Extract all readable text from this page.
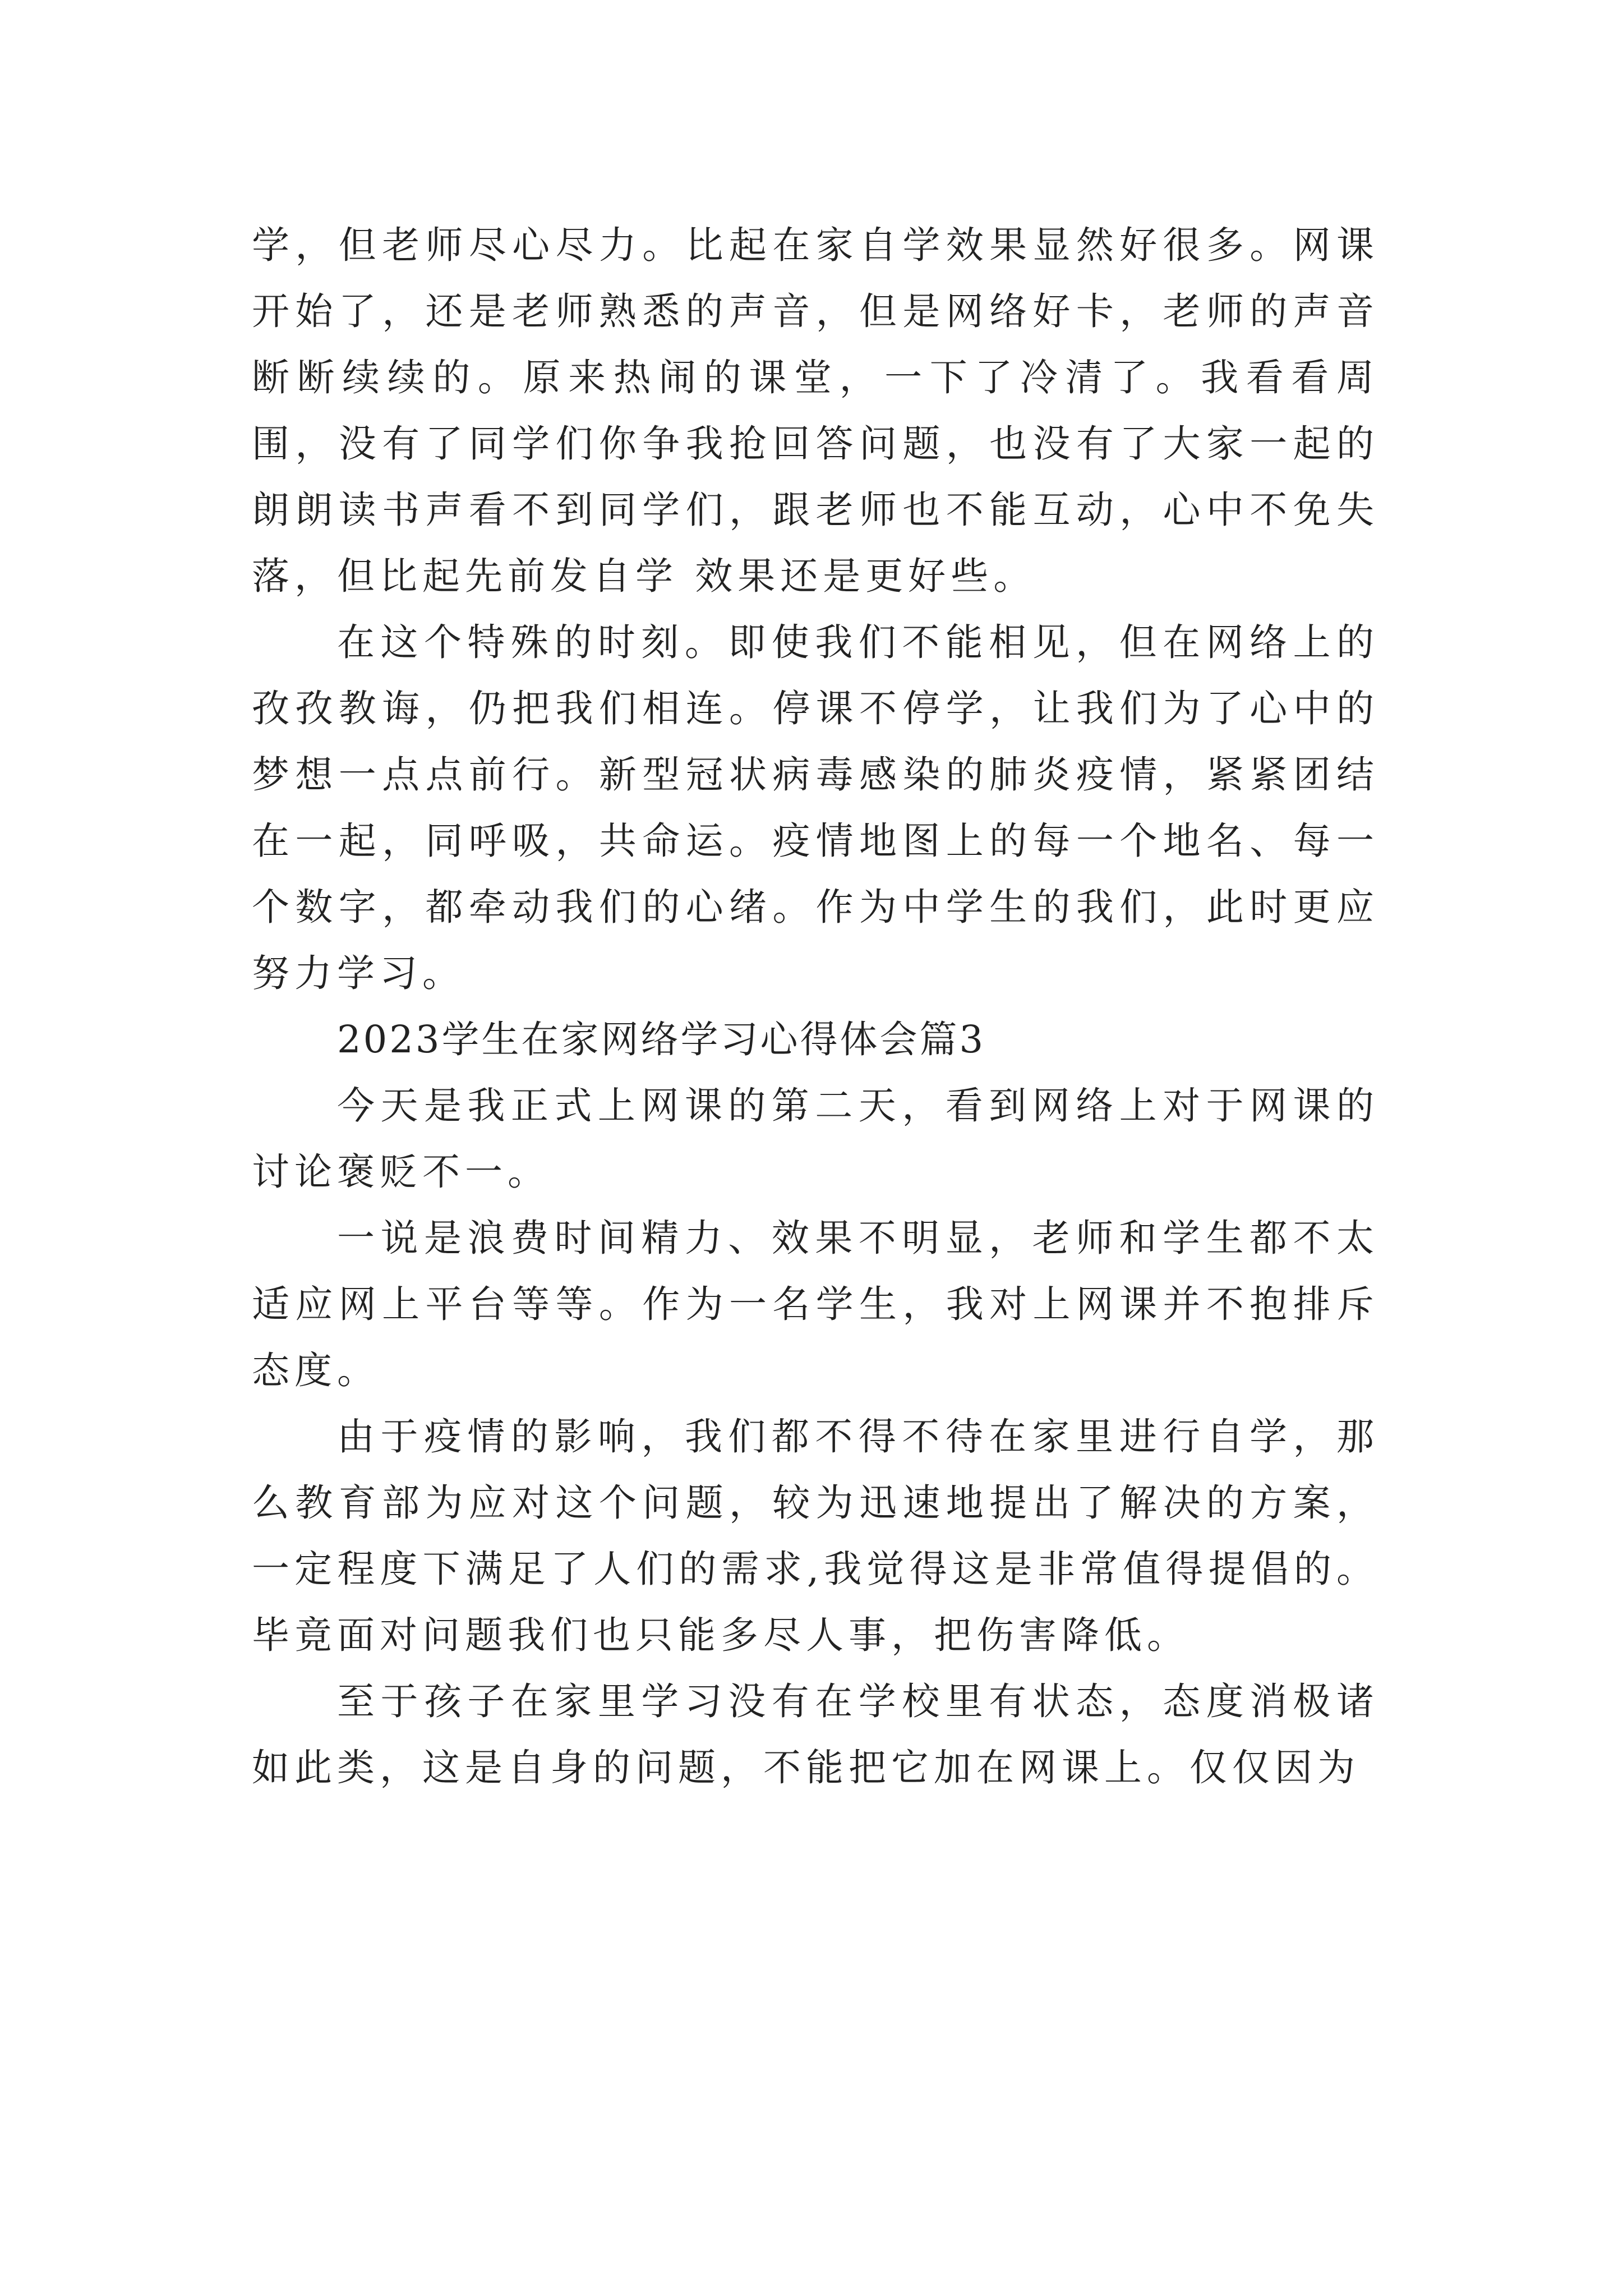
学，但老师尽心尽力。比起在家自学效果显然好很多。网课开始了，还是老师熟悉的声音，但是网络好卡，老师的声音断断续续的。原来热闹的课堂，一下了冷清了。我看看周围，没有了同学们你争我抢回答问题，也没有了大家一起的朗朗读书声看不到同学们，跟老师也不能互动，心中不免失落，但比起先前发自学 效果还是更好些。

在这个特殊的时刻。即使我们不能相见，但在网络上的孜孜教诲，仍把我们相连。停课不停学，让我们为了心中的梦想一点点前行。新型冠状病毒感染的肺炎疫情，紧紧团结在一起，同呼吸，共命运。疫情地图上的每一个地名、每一个数字，都牵动我们的心绪。作为中学生的我们，此时更应努力学习。

2023学生在家网络学习心得体会篇3

今天是我正式上网课的第二天，看到网络上对于网课的讨论褒贬不一。

一说是浪费时间精力、效果不明显，老师和学生都不太适应网上平台等等。作为一名学生，我对上网课并不抱排斥态度。

由于疫情的影响，我们都不得不待在家里进行自学，那么教育部为应对这个问题，较为迅速地提出了解决的方案，一定程度下满足了人们的需求,我觉得这是非常值得提倡的。毕竟面对问题我们也只能多尽人事，把伤害降低。

至于孩子在家里学习没有在学校里有状态，态度消极诸如此类，这是自身的问题，不能把它加在网课上。仅仅因为
